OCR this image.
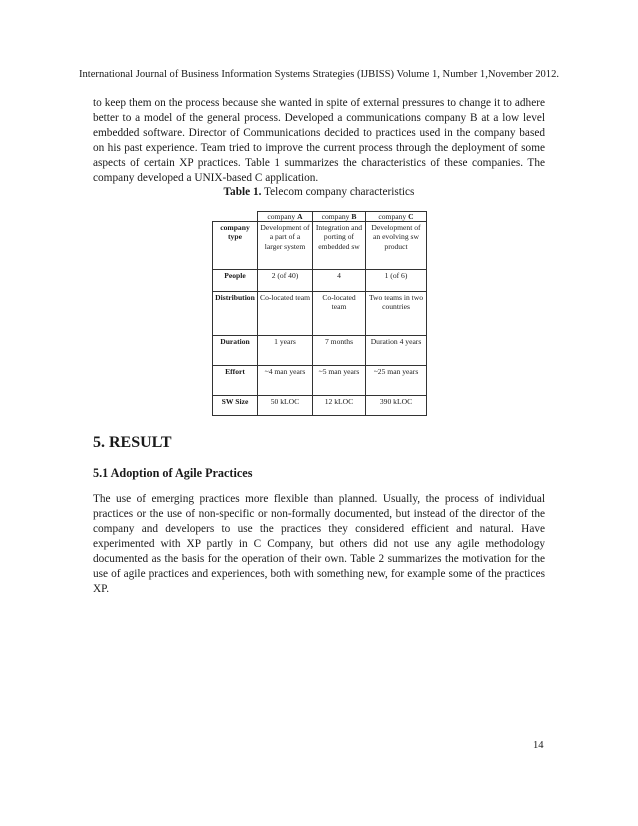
International Journal of Business Information Systems Strategies (IJBISS) Volume 1, Number 1,November 2012.

to keep them on the process because she wanted in spite of external pressures to change it to adhere better to a model of the general process. Developed a communications company B at a low level embedded software. Director of Communications decided to practices used in the company based on his past experience. Team tried to improve the current process through the deployment of some aspects of certain XP practices. Table 1 summarizes the characteristics of these companies. The company developed a UNIX-based C application.

Table 1. Telecom company characteristics
	company A	company B	company C
company type	Development of a part of a larger system	Integration and porting of embedded sw	Development of an evolving sw product
People	2 (of 40)	4	1 (of 6)
Distribution	Co-located team	Co-located team	Two teams in two countries
Duration	1 years	7 months	Duration 4 years
Effort	~4 man years	~5 man years	~25 man years
SW Size	50 kLOC	12 kLOC	390 kLOC
5. RESULT
5.1 Adoption of Agile Practices

The use of emerging practices more flexible than planned. Usually, the process of individual practices or the use of non-specific or non-formally documented, but instead of the director of the company and developers to use the practices they considered efficient and natural. Have experimented with XP partly in C Company, but others did not use any agile methodology documented as the basis for the operation of their own. Table 2 summarizes the motivation for the use of agile practices and experiences, both with something new, for example some of the practices XP.

14
